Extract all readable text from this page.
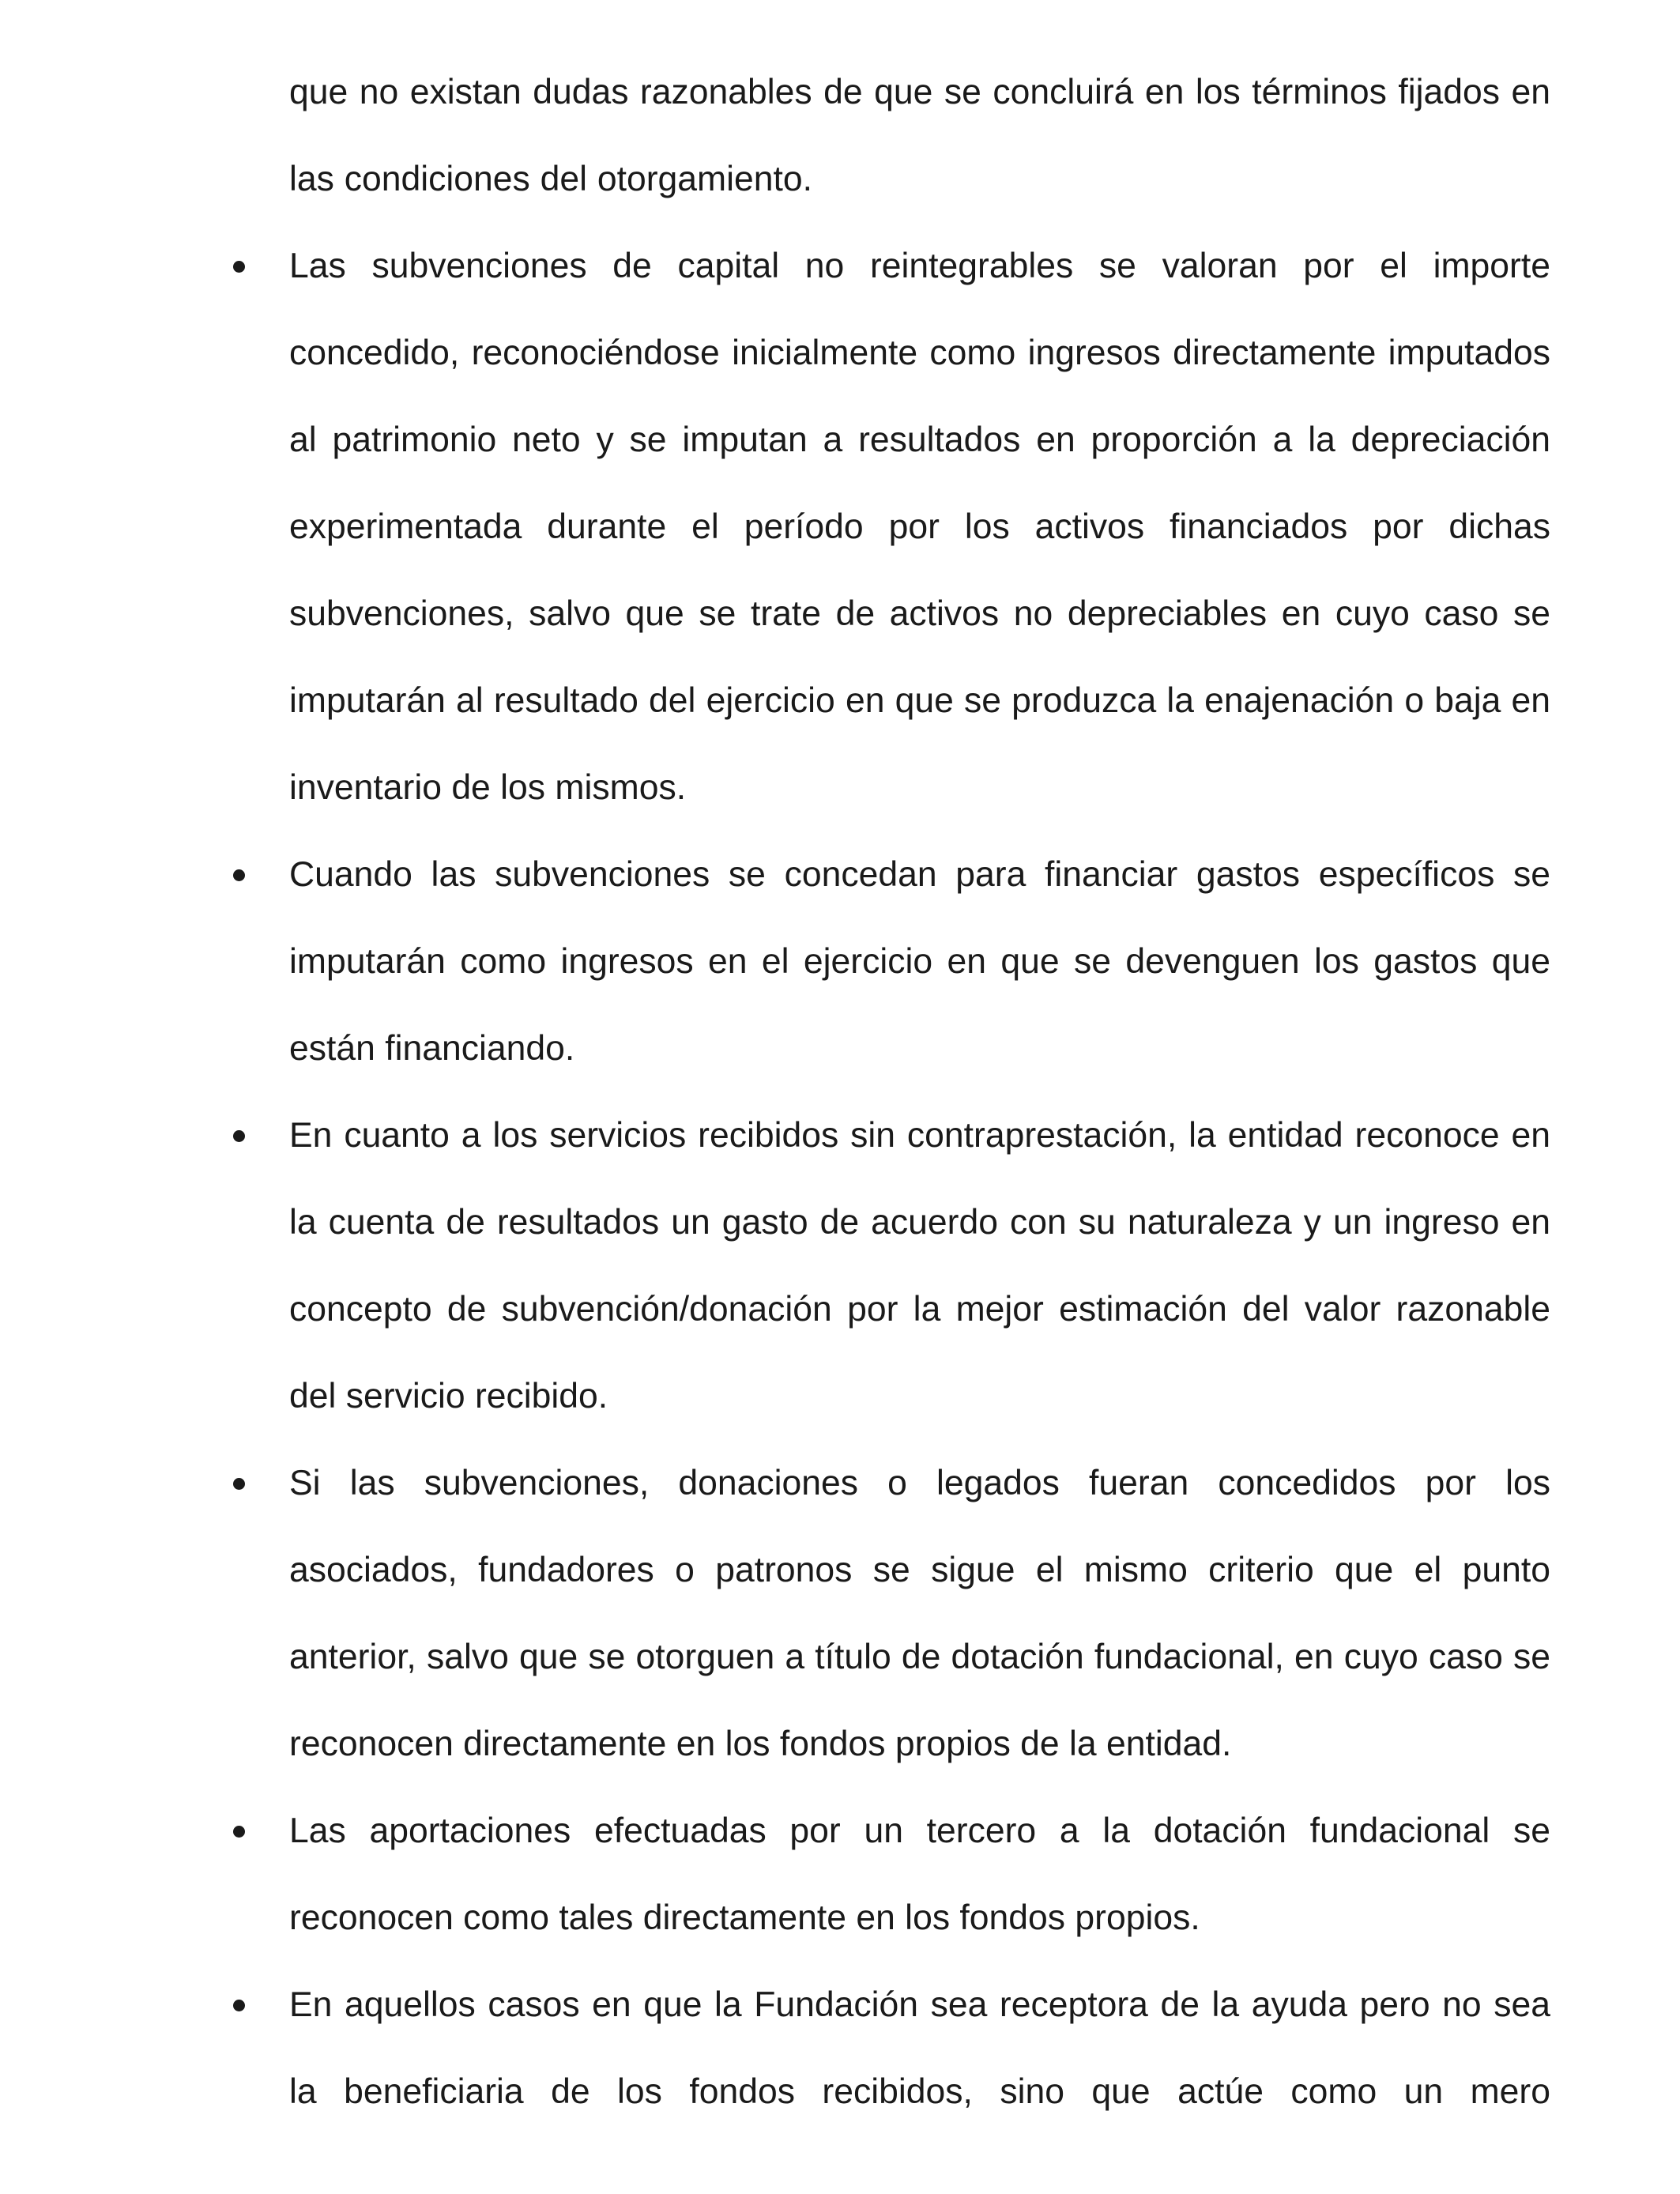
que no existan dudas razonables de que se concluirá en los términos fijados en las condiciones del otorgamiento.

Las subvenciones de capital no reintegrables se valoran por el importe concedido, reconociéndose inicialmente como ingresos directamente imputados al patrimonio neto y se imputan a resultados en proporción a la depreciación experimentada durante el período por los activos financiados por dichas subvenciones, salvo que se trate de activos no depreciables en cuyo caso se imputarán al resultado del ejercicio en que se produzca la enajenación o baja en inventario de los mismos.
Cuando las subvenciones se concedan para financiar gastos específicos se imputarán como ingresos en el ejercicio en que se devenguen los gastos que están financiando.
En cuanto a los servicios recibidos sin contraprestación, la entidad reconoce en la cuenta de resultados un gasto de acuerdo con su naturaleza y un ingreso en concepto de subvención/donación por la mejor estimación del valor razonable del servicio recibido.
Si las subvenciones, donaciones o legados fueran concedidos por los asociados, fundadores o patronos se sigue el mismo criterio que el punto anterior, salvo que se otorguen a título de dotación fundacional, en cuyo caso se reconocen directamente en los fondos propios de la entidad.
Las aportaciones efectuadas por un tercero a la dotación fundacional se reconocen como tales directamente en los fondos propios.
En aquellos casos en que la Fundación sea receptora de la ayuda pero no sea la beneficiaria de los fondos recibidos, sino que actúe como un mero
